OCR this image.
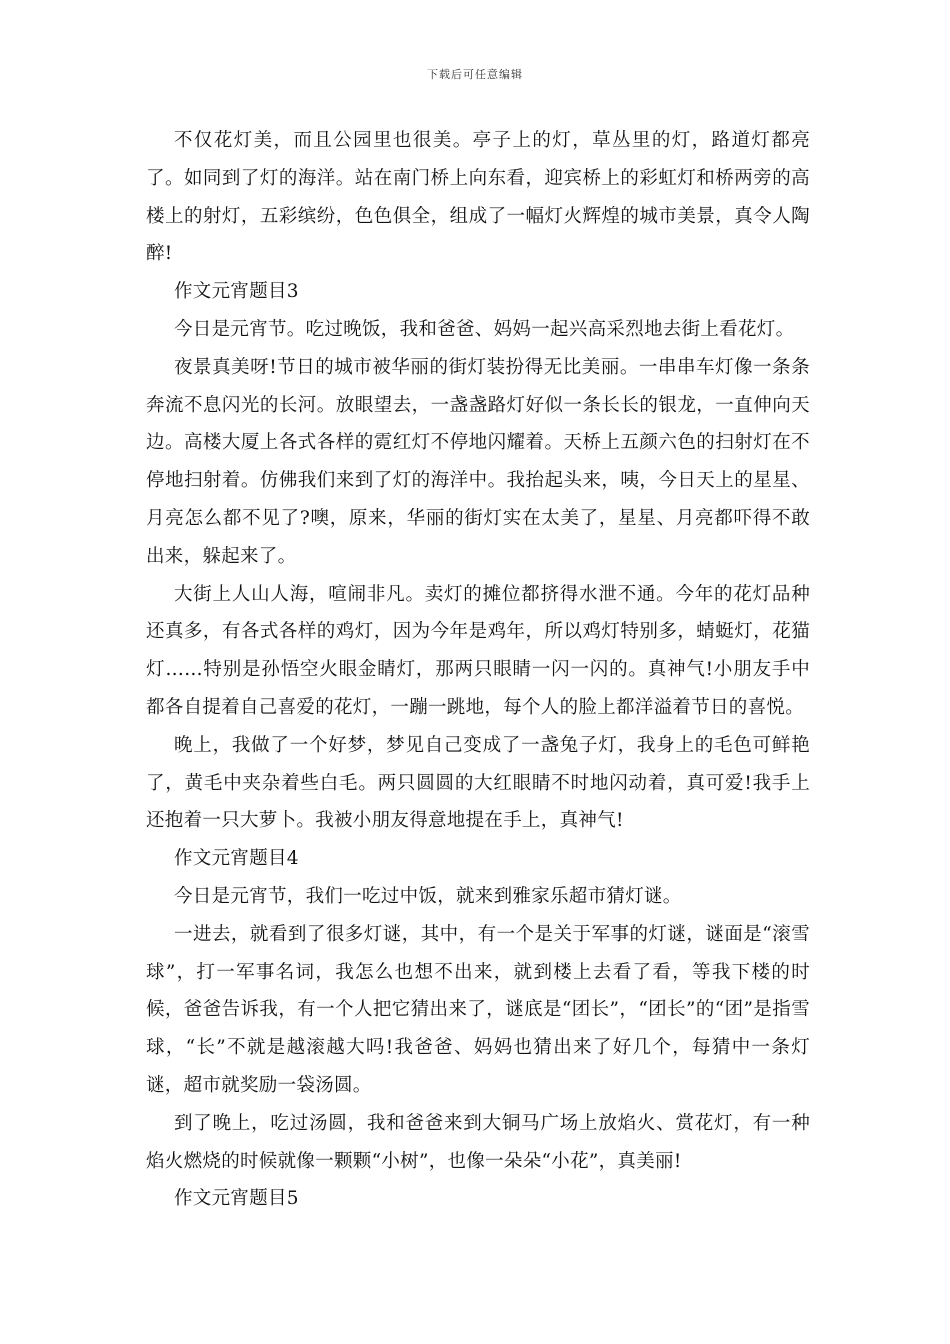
下载后可任意编辑

不仅花灯美，而且公园里也很美。亭子上的灯，草丛里的灯，路道灯都亮了。如同到了灯的海洋。站在南门桥上向东看，迎宾桥上的彩虹灯和桥两旁的高楼上的射灯，五彩缤纷，色色俱全，组成了一幅灯火辉煌的城市美景，真令人陶醉!

作文元宵题目3

今日是元宵节。吃过晚饭，我和爸爸、妈妈一起兴高采烈地去街上看花灯。

夜景真美呀!节日的城市被华丽的街灯装扮得无比美丽。一串串车灯像一条条奔流不息闪光的长河。放眼望去，一盏盏路灯好似一条长长的银龙，一直伸向天边。高楼大厦上各式各样的霓红灯不停地闪耀着。天桥上五颜六色的扫射灯在不停地扫射着。仿佛我们来到了灯的海洋中。我抬起头来，咦，今日天上的星星、月亮怎么都不见了?噢，原来，华丽的街灯实在太美了，星星、月亮都吓得不敢出来，躲起来了。

大街上人山人海，喧闹非凡。卖灯的摊位都挤得水泄不通。今年的花灯品种还真多，有各式各样的鸡灯，因为今年是鸡年，所以鸡灯特别多，蜻蜓灯，花猫灯……特别是孙悟空火眼金睛灯，那两只眼睛一闪一闪的。真神气!小朋友手中都各自提着自己喜爱的花灯，一蹦一跳地，每个人的脸上都洋溢着节日的喜悦。

晚上，我做了一个好梦，梦见自己变成了一盏兔子灯，我身上的毛色可鲜艳了，黄毛中夹杂着些白毛。两只圆圆的大红眼睛不时地闪动着，真可爱!我手上还抱着一只大萝卜。我被小朋友得意地提在手上，真神气!

作文元宵题目4

今日是元宵节，我们一吃过中饭，就来到雅家乐超市猜灯谜。

一进去，就看到了很多灯谜，其中，有一个是关于军事的灯谜，谜面是“滚雪球”，打一军事名词，我怎么也想不出来，就到楼上去看了看，等我下楼的时候，爸爸告诉我，有一个人把它猜出来了，谜底是“团长”，“团长”的“团”是指雪球，“长”不就是越滚越大吗!我爸爸、妈妈也猜出来了好几个，每猜中一条灯谜，超市就奖励一袋汤圆。

到了晚上，吃过汤圆，我和爸爸来到大铜马广场上放焰火、赏花灯，有一种焰火燃烧的时候就像一颗颗“小树”，也像一朵朵“小花”，真美丽!

作文元宵题目5
